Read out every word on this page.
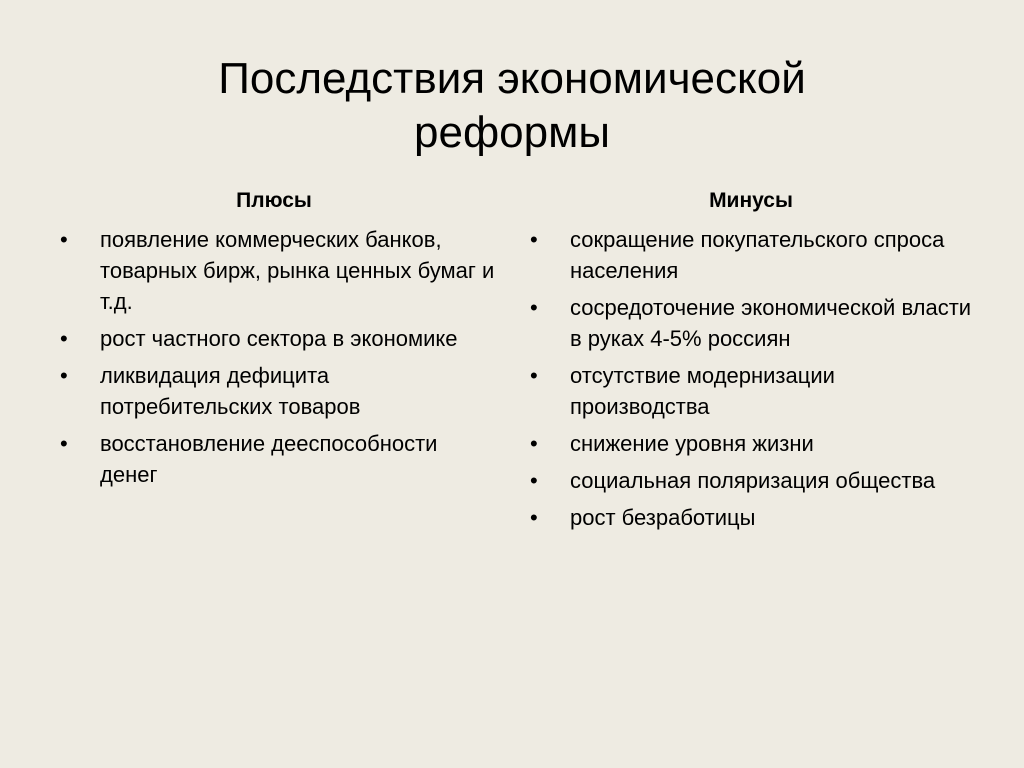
Последствия экономической
реформы
Плюсы
• появление коммерческих банков, товарных бирж, рынка ценных бумаг и т.д.
• рост частного сектора в экономике
• ликвидация дефицита потребительских товаров
• восстановление дееспособности денег
Минусы
• сокращение покупательского спроса населения
• сосредоточение экономической власти в руках 4-5% россиян
• отсутствие модернизации производства
• снижение уровня жизни
• социальная поляризация общества
• рост безработицы
